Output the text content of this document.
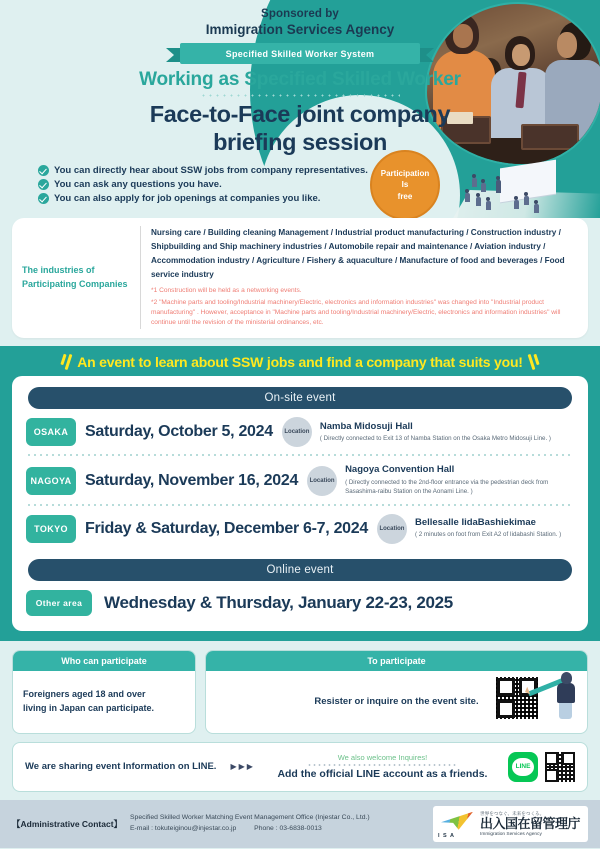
Sponsored by
Immigration Services Agency
Specified Skilled Worker System
Working as Specified Skilled Worker
Face-to-Face joint company
briefing session
You can directly hear about SSW jobs from company representatives.
You can ask any questions you have.
You can also apply for job openings at companies you like.
Participation
Is
free

The industries of
Participating Companies

Nursing care / Building cleaning Management / Industrial product manufacturing / Construction industry / Shipbuilding and Ship machinery industries / Automobile repair and maintenance / Aviation industry / Accommodation industry / Agriculture / Fishery & aquaculture / Manufacture of food and beverages / Food service industry

*1 Construction will be held as a networking events.

*2 "Machine parts and tooling/Industrial machinery/Electric, electronics and information industries" was changed into "Industrial product manufacturing" . However, acceptance in "Machine parts and tooling/Industrial machinery/Electric, electronics and information industries" will continue until the revision of the ministerial ordinances, etc.

An event to learn about SSW jobs and find a company that suits you!
On-site event
OSAKA	Saturday, October 5, 2024 Location
Namba Midosuji Hall
( Directly connected to Exit 13 of Namba Station on the Osaka Metro Midosuji Line. )
NAGOYA Saturday, November 16, 2024 Location
Nagoya Convention Hall
( Directly connected to the 2nd-floor entrance via the pedestrian deck from Sasashima-raibu Station on the Aonami Line. )
TOKYO	Friday & Saturday, December 6-7, 2024 Location
Bellesalle IidaBashiekimae
( 2 minutes on foot from Exit A2 of Iidabashi Station. )
Online event
Other area	Wednesday & Thursday, January 22-23, 2025
Who can participate

Foreigners aged 18 and over
living in Japan can participate.

To participate

Resister or inquire on the event site.

We are sharing event Information on LINE. ▶▶▶
We also welcome Inquires!
Add the official LINE account as a friends.
LINE
【Administrative Contact】
Specified Skilled Worker Matching Event Management Office (Injestar Co., Ltd.)
E-mail : tokuteiginou@injestar.co.jp	Phone : 03-6838-0013
I S A
世界をつなぐ、未来をつくる。
出入国在留管理庁
Immigration Services Agency
